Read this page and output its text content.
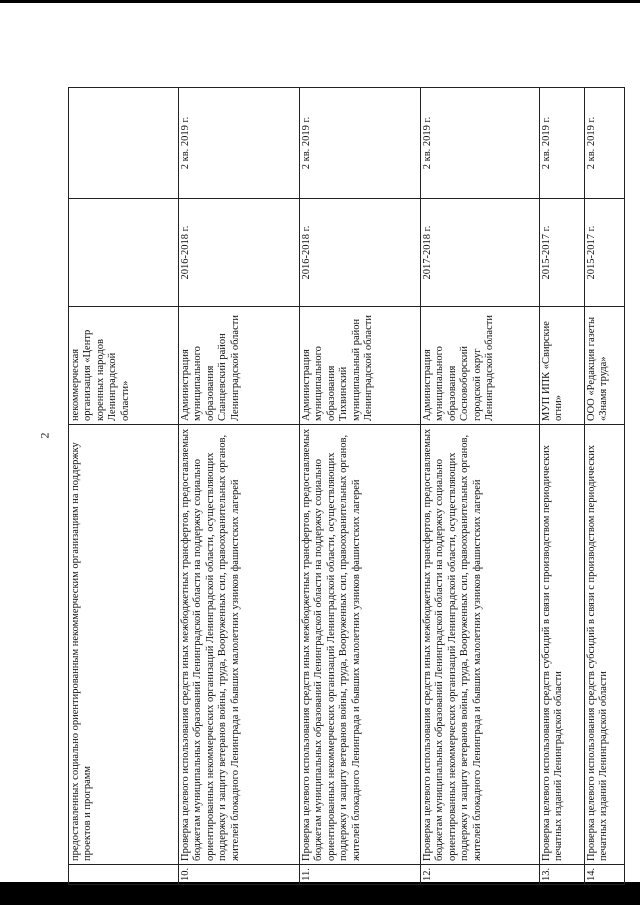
2
	предоставленных социально ориентированным некоммерческим организациям на поддержку проектов и программ	некоммерческая организация «Центр коренных народов Ленинградской области»		
10.	Проверка целевого использования средств иных межбюджетных трансфертов, предоставляемых бюджетам муниципальных образований Ленинградской области на поддержку социально ориентированных некоммерческих организаций Ленинградской области, осуществляющих поддержку и защиту ветеранов войны, труда, Вооруженных сил, правоохранительных органов, жителей блокадного Ленинграда и бывших малолетних узников фашистских лагерей	Администрация муниципального образования Сланцевский район Ленинградской области	2016-2018 г.	2 кв. 2019 г.
11.	Проверка целевого использования средств иных межбюджетных трансфертов, предоставляемых бюджетам муниципальных образований Ленинградской области на поддержку социально ориентированных некоммерческих организаций Ленинградской области, осуществляющих поддержку и защиту ветеранов войны, труда, Вооруженных сил, правоохранительных органов, жителей блокадного Ленинграда и бывших малолетних узников фашистских лагерей	Администрация муниципального образования Тихвинский муниципальный район Ленинградской области	2016-2018 г.	2 кв. 2019 г.
12.	Проверка целевого использования средств иных межбюджетных трансфертов, предоставляемых бюджетам муниципальных образований Ленинградской области на поддержку социально ориентированных некоммерческих организаций Ленинградской области, осуществляющих поддержку и защиту ветеранов войны, труда, Вооруженных сил, правоохранительных органов, жителей блокадного Ленинграда и бывших малолетних узников фашистских лагерей	Администрация муниципального образования Сосновоборский городской округ Ленинградской области	2017-2018 г.	2 кв. 2019 г.
13.	Проверка целевого использования средств субсидий в связи с производством периодических печатных изданий Ленинградской области	МУП ИПК «Свирские огни»	2015-2017 г.	2 кв. 2019 г.
14.	Проверка целевого использования средств субсидий в связи с производством периодических печатных изданий Ленинградской области	ООО «Редакция газеты «Знамя труда»	2015-2017 г.	2 кв. 2019 г.
